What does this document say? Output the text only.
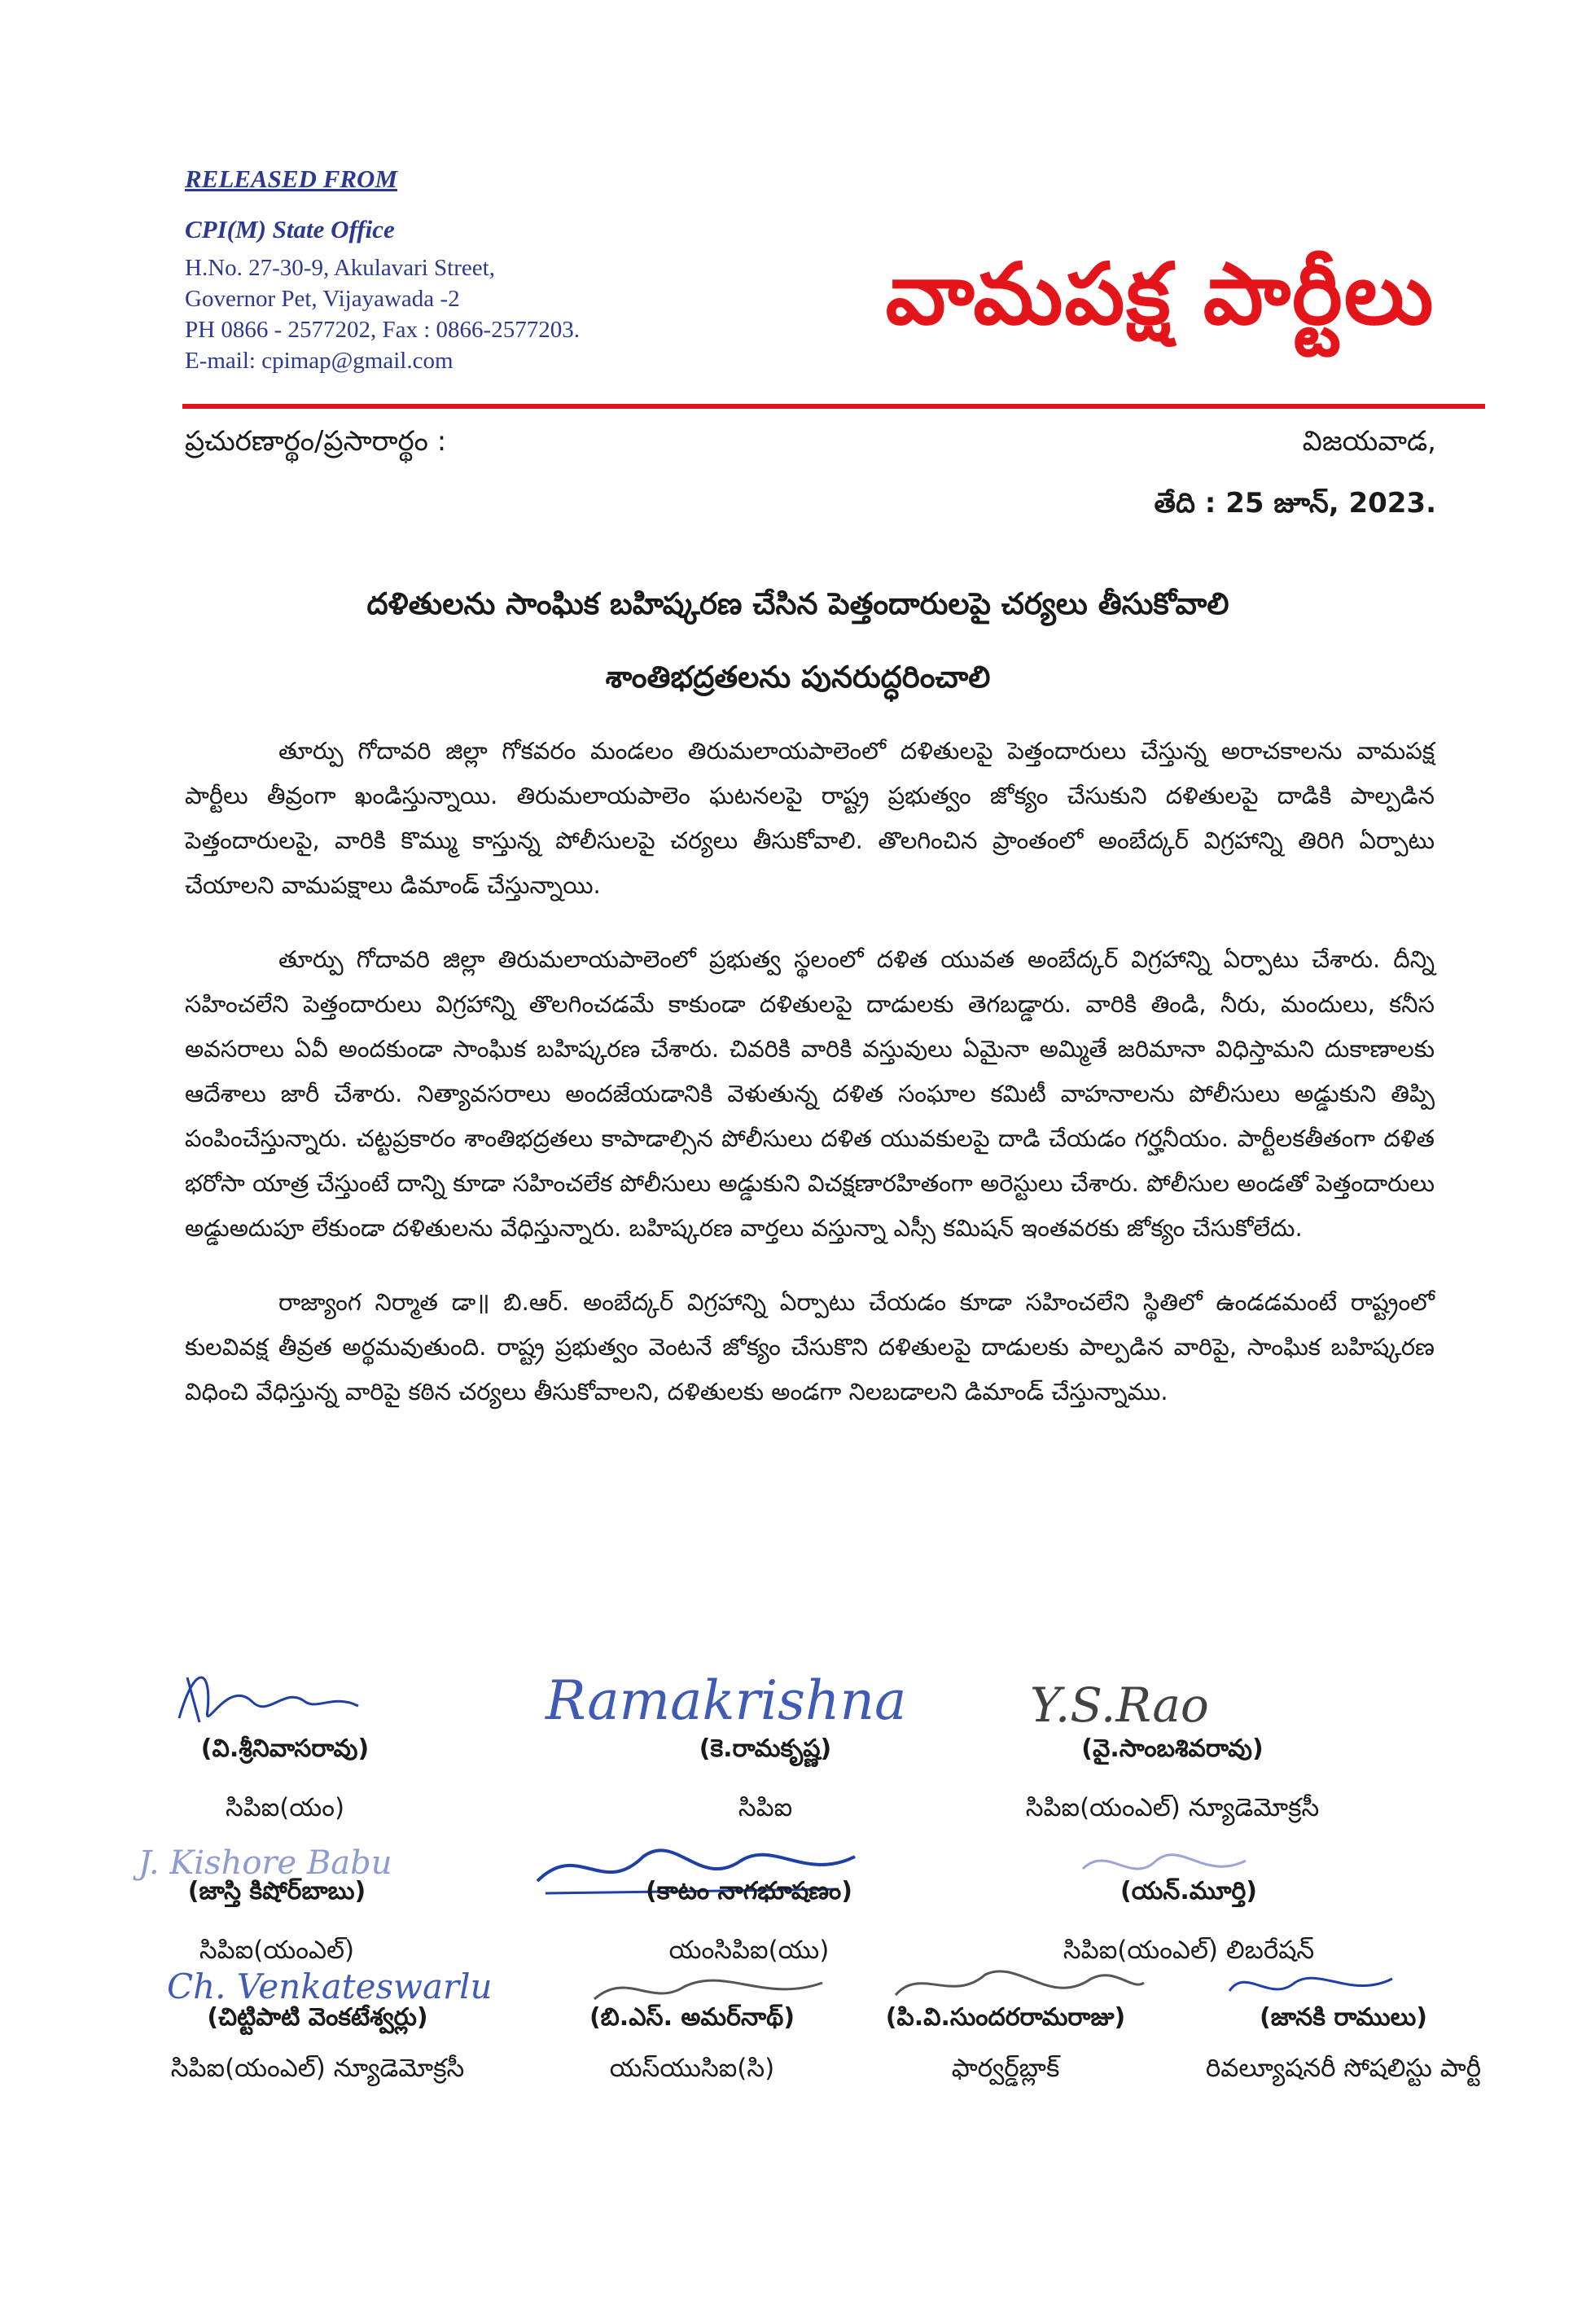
RELEASED FROM
CPI(M) State Office

H.No. 27-30-9, Akulavari Street,

Governor Pet, Vijayawada -2

PH 0866 - 2577202, Fax : 0866-2577203.

E-mail: cpimap@gmail.com

వామపక్ష పార్టీలు
ప్రచురణార్థం/ప్రసారార్థం :	విజయవాడ,
తేది : 25 జూన్, 2023.
దళితులను సాంఘిక బహిష్కరణ చేసిన పెత్తందారులపై చర్యలు తీసుకోవాలి
శాంతిభద్రతలను పునరుద్ధరించాలి

తూర్పు గోదావరి జిల్లా గోకవరం మండలం తిరుమలాయపాలెంలో దళితులపై పెత్తందారులు చేస్తున్న అరాచకాలను వామపక్ష పార్టీలు తీవ్రంగా ఖండిస్తున్నాయి. తిరుమలాయపాలెం ఘటనలపై రాష్ట్ర ప్రభుత్వం జోక్యం చేసుకుని దళితులపై దాడికి పాల్పడిన పెత్తందారులపై, వారికి కొమ్ము కాస్తున్న పోలీసులపై చర్యలు తీసుకోవాలి. తొలగించిన ప్రాంతంలో అంబేద్కర్ విగ్రహాన్ని తిరిగి ఏర్పాటు చేయాలని వామపక్షాలు డిమాండ్ చేస్తున్నాయి.

తూర్పు గోదావరి జిల్లా తిరుమలాయపాలెంలో ప్రభుత్వ స్థలంలో దళిత యువత అంబేద్కర్ విగ్రహాన్ని ఏర్పాటు చేశారు. దీన్ని సహించలేని పెత్తందారులు విగ్రహాన్ని తొలగించడమే కాకుండా దళితులపై దాడులకు తెగబడ్డారు. వారికి తిండి, నీరు, మందులు, కనీస అవసరాలు ఏవీ అందకుండా సాంఘిక బహిష్కరణ చేశారు. చివరికి వారికి వస్తువులు ఏమైనా అమ్మితే జరిమానా విధిస్తామని దుకాణాలకు ఆదేశాలు జారీ చేశారు. నిత్యావసరాలు అందజేయడానికి వెళుతున్న దళిత సంఘాల కమిటీ వాహనాలను పోలీసులు అడ్డుకుని తిప్పి పంపించేస్తున్నారు. చట్టప్రకారం శాంతిభద్రతలు కాపాడాల్సిన పోలీసులు దళిత యువకులపై దాడి చేయడం గర్హనీయం. పార్టీలకతీతంగా దళిత భరోసా యాత్ర చేస్తుంటే దాన్ని కూడా సహించలేక పోలీసులు అడ్డుకుని విచక్షణారహితంగా అరెస్టులు చేశారు. పోలీసుల అండతో పెత్తందారులు అడ్డుఅదుపూ లేకుండా దళితులను వేధిస్తున్నారు. బహిష్కరణ వార్తలు వస్తున్నా ఎస్సీ కమిషన్ ఇంతవరకు జోక్యం చేసుకోలేదు.

రాజ్యాంగ నిర్మాత డా॥ బి.ఆర్. అంబేద్కర్ విగ్రహాన్ని ఏర్పాటు చేయడం కూడా సహించలేని స్థితిలో ఉండడమంటే రాష్ట్రంలో కులవివక్ష తీవ్రత అర్థమవుతుంది. రాష్ట్ర ప్రభుత్వం వెంటనే జోక్యం చేసుకొని దళితులపై దాడులకు పాల్పడిన వారిపై, సాంఘిక బహిష్కరణ విధించి వేధిస్తున్న వారిపై కఠిన చర్యలు తీసుకోవాలని, దళితులకు అండగా నిలబడాలని డిమాండ్ చేస్తున్నాము.

Ramakrishna	Y.S.Rao
J. Kishore Babu
Ch. Venkateswarlu
(వి.శ్రీనివాసరావు)
సిపిఐ(యం)
(కె.రామకృష్ణ)
సిపిఐ
(వై.సాంబశివరావు)
సిపిఐ(యంఎల్) న్యూడెమోక్రసీ
(జాస్తి కిషోర్‌బాబు)
సిపిఐ(యంఎల్)
(కాటం నాగభూషణం)
యంసిపిఐ(యు)
(యన్.మూర్తి)
సిపిఐ(యంఎల్) లిబరేషన్
(చిట్టిపాటి వెంకటేశ్వర్లు)
సిపిఐ(యంఎల్) న్యూడెమోక్రసీ
(బి.ఎస్. అమర్‌నాథ్)
యస్‌యుసిఐ(సి)
(పి.వి.సుందరరామరాజు)
ఫార్వర్డ్‌బ్లాక్
(జానకి రాములు)
రివల్యూషనరీ సోషలిస్టు పార్టీ
